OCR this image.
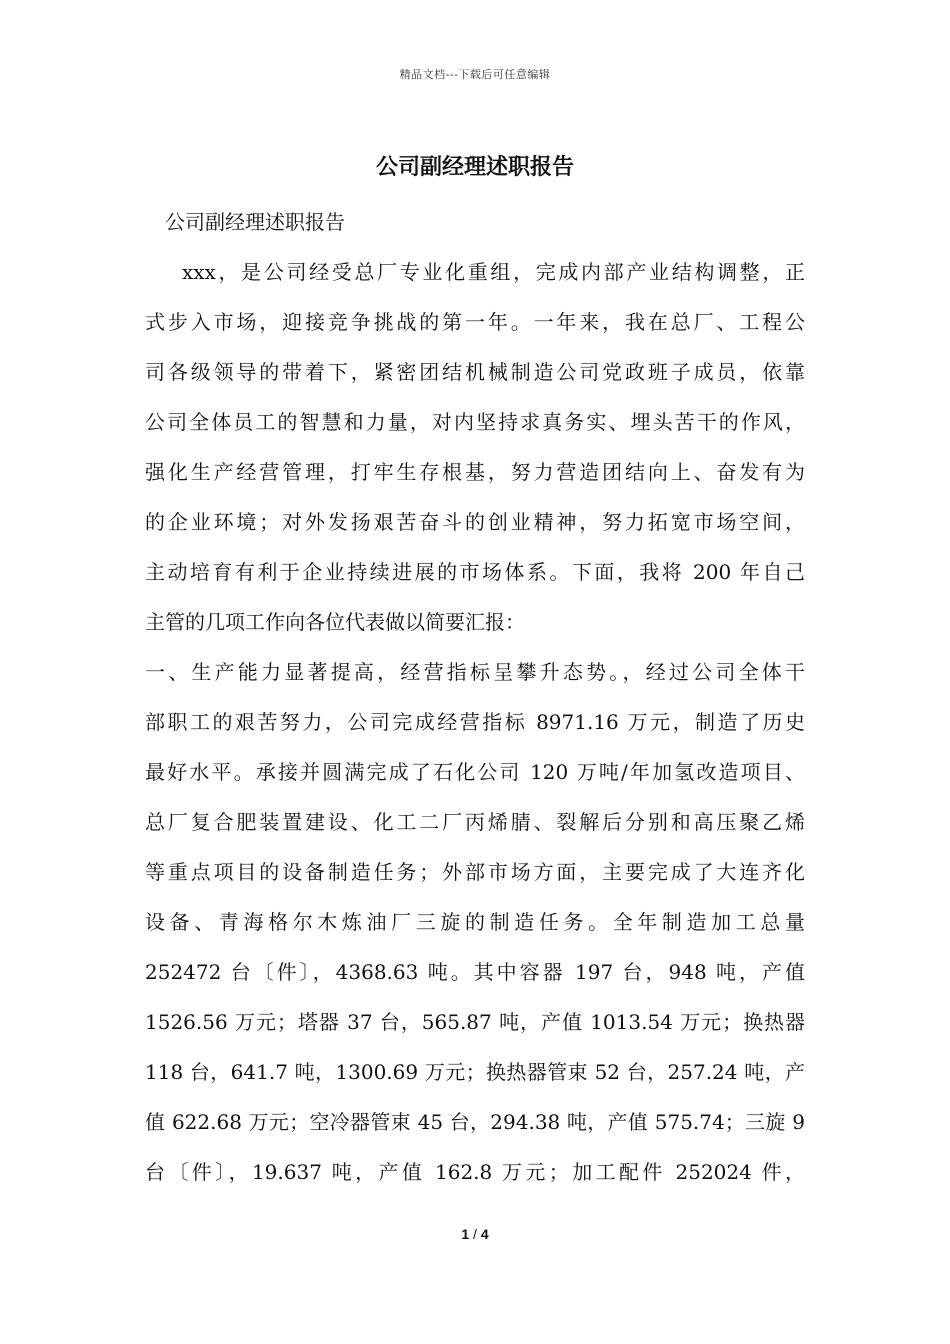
精品文档---下载后可任意编辑
公司副经理述职报告
公司副经理述职报告
xxx，是公司经受总厂专业化重组，完成内部产业结构调整，正
式步入市场，迎接竞争挑战的第一年。一年来，我在总厂、工程公
司各级领导的带着下，紧密团结机械制造公司党政班子成员，依靠
公司全体员工的智慧和力量，对内坚持求真务实、埋头苦干的作风，
强化生产经营管理，打牢生存根基，努力营造团结向上、奋发有为
的企业环境；对外发扬艰苦奋斗的创业精神，努力拓宽市场空间，
主动培育有利于企业持续进展的市场体系。下面，我将 200 年自己
主管的几项工作向各位代表做以简要汇报：
一、生产能力显著提高，经营指标呈攀升态势。，经过公司全体干
部职工的艰苦努力，公司完成经营指标 8971.16 万元，制造了历史
最好水平。承接并圆满完成了石化公司 120 万吨/年加氢改造项目、
总厂复合肥装置建设、化工二厂丙烯腈、裂解后分别和高压聚乙烯
等重点项目的设备制造任务；外部市场方面，主要完成了大连齐化
设备、青海格尔木炼油厂三旋的制造任务。全年制造加工总量
252472 台〔件〕，4368.63 吨。其中容器 197 台，948 吨，产值
1526.56 万元；塔器 37 台，565.87 吨，产值 1013.54 万元；换热器
118 台，641.7 吨，1300.69 万元；换热器管束 52 台，257.24 吨，产
值 622.68 万元；空冷器管束 45 台，294.38 吨，产值 575.74；三旋 9
台〔件〕，19.637 吨，产值 162.8 万元；加工配件 252024 件，
1 / 4
